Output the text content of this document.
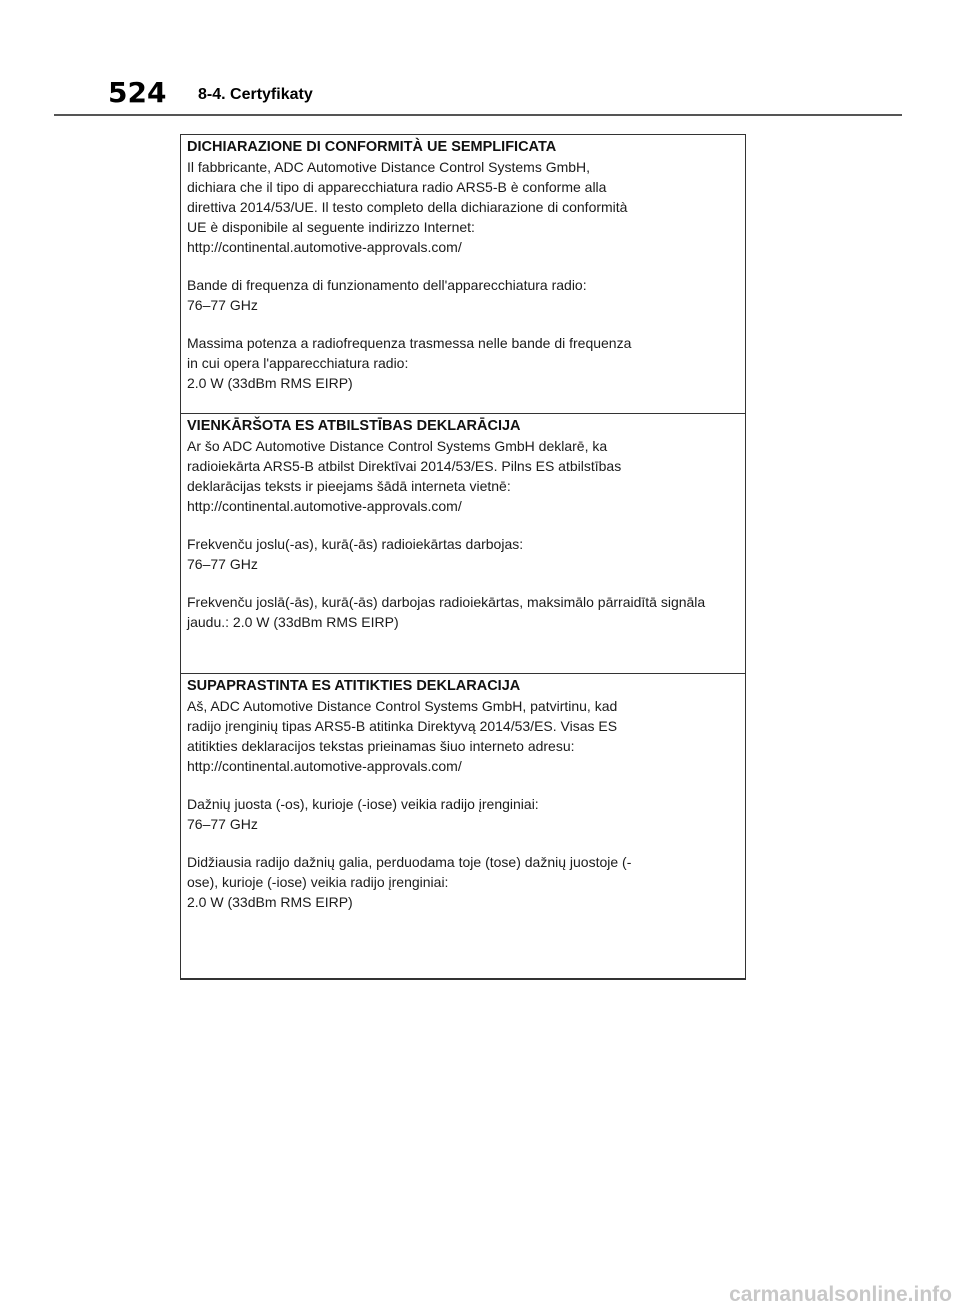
524 8-4. Certyfikaty
DICHIARAZIONE DI CONFORMITÀ UE SEMPLIFICATA

Il fabbricante, ADC Automotive Distance Control Systems GmbH,
dichiara che il tipo di apparecchiatura radio ARS5-B è conforme alla
direttiva 2014/53/UE. Il testo completo della dichiarazione di conformità
UE è disponibile al seguente indirizzo Internet:
http://continental.automotive-approvals.com/

Bande di frequenza di funzionamento dell'apparecchiatura radio:
76–77 GHz

Massima potenza a radiofrequenza trasmessa nelle bande di frequenza
in cui opera l'apparecchiatura radio:
2.0 W (33dBm RMS EIRP)

VIENKĀRŠOTA ES ATBILSTĪBAS DEKLARĀCIJA

Ar šo ADC Automotive Distance Control Systems GmbH deklarē, ka
radioiekārta ARS5-B atbilst Direktīvai 2014/53/ES. Pilns ES atbilstības
deklarācijas teksts ir pieejams šādā interneta vietnē:
http://continental.automotive-approvals.com/

Frekvenču joslu(-as), kurā(-ās) radioiekārtas darbojas:
76–77 GHz

Frekvenču joslā(-ās), kurā(-ās) darbojas radioiekārtas, maksimālo pārraidītā signāla jaudu.: 2.0 W (33dBm RMS EIRP)

SUPAPRASTINTA ES ATITIKTIES DEKLARACIJA

Aš, ADC Automotive Distance Control Systems GmbH, patvirtinu, kad
radijo įrenginių tipas ARS5-B atitinka Direktyvą 2014/53/ES. Visas ES
atitikties deklaracijos tekstas prieinamas šiuo interneto adresu:
http://continental.automotive-approvals.com/

Dažnių juosta (-os), kurioje (-iose) veikia radijo įrenginiai:
76–77 GHz

Didžiausia radijo dažnių galia, perduodama toje (tose) dažnių juostoje (-
ose), kurioje (-iose) veikia radijo įrenginiai:
2.0 W (33dBm RMS EIRP)

carmanualsonline.info
